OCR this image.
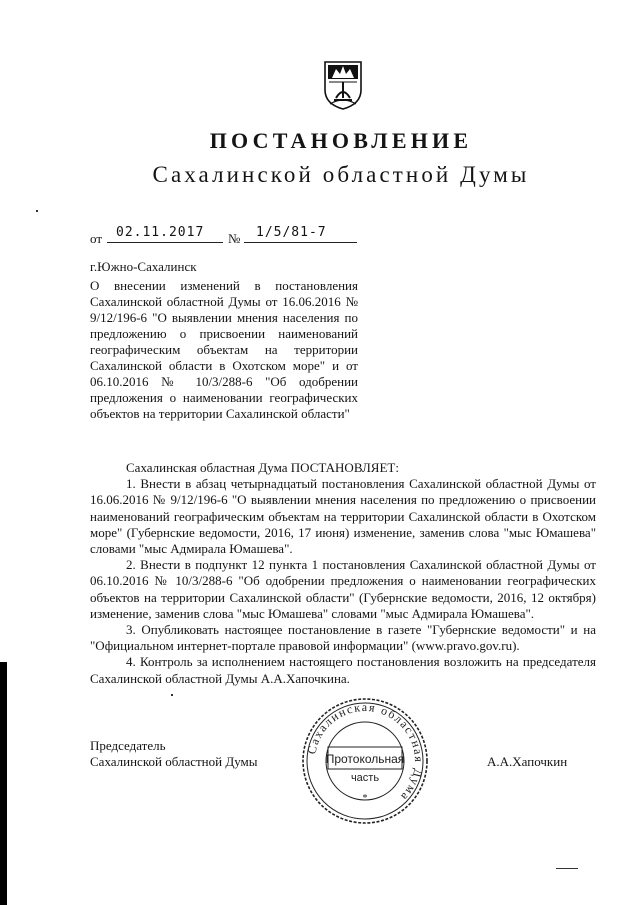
ПОСТАНОВЛЕНИЕ
Сахалинской областной Думы
от 02.11.2017 № 1/5/81-7
г.Южно-Сахалинск
О внесении изменений в постановления Сахалинской областной Думы от 16.06.2016 № 9/12/196-6 "О выявлении мнения населения по предложению о присвоении наименований географическим объектам на территории Сахалинской области в Охотском море" и от 06.10.2016 № 10/3/288-6 "Об одобрении предложения о наименовании географических объектов на территории Сахалинской области"

Сахалинская областная Дума ПОСТАНОВЛЯЕТ:

1. Внести в абзац четырнадцатый постановления Сахалинской областной Думы от 16.06.2016 № 9/12/196-6 "О выявлении мнения населения по предложению о присвоении наименований географическим объектам на территории Сахалинской области в Охотском море" (Губернские ведомости, 2016, 17 июня) изменение, заменив слова "мыс Юмашева" словами "мыс Адмирала Юмашева".

2. Внести в подпункт 12 пункта 1 постановления Сахалинской областной Думы от 06.10.2016 № 10/3/288-6 "Об одобрении предложения о наименовании географических объектов на территории Сахалинской области" (Губернские ведомости, 2016, 12 октября) изменение, заменив слова "мыс Юмашева" словами "мыс Адмирала Юмашева".

3. Опубликовать настоящее постановление в газете "Губернские ведомости" и на "Официальном интернет-портале правовой информации" (www.pravo.gov.ru).

4. Контроль за исполнением настоящего постановления возложить на председателя Сахалинской областной Думы А.А.Хапочкина.

Председатель
Сахалинской областной Думы	А.А.Хапочкин
Сахалинская областная Дума
*
Протокольная
часть
